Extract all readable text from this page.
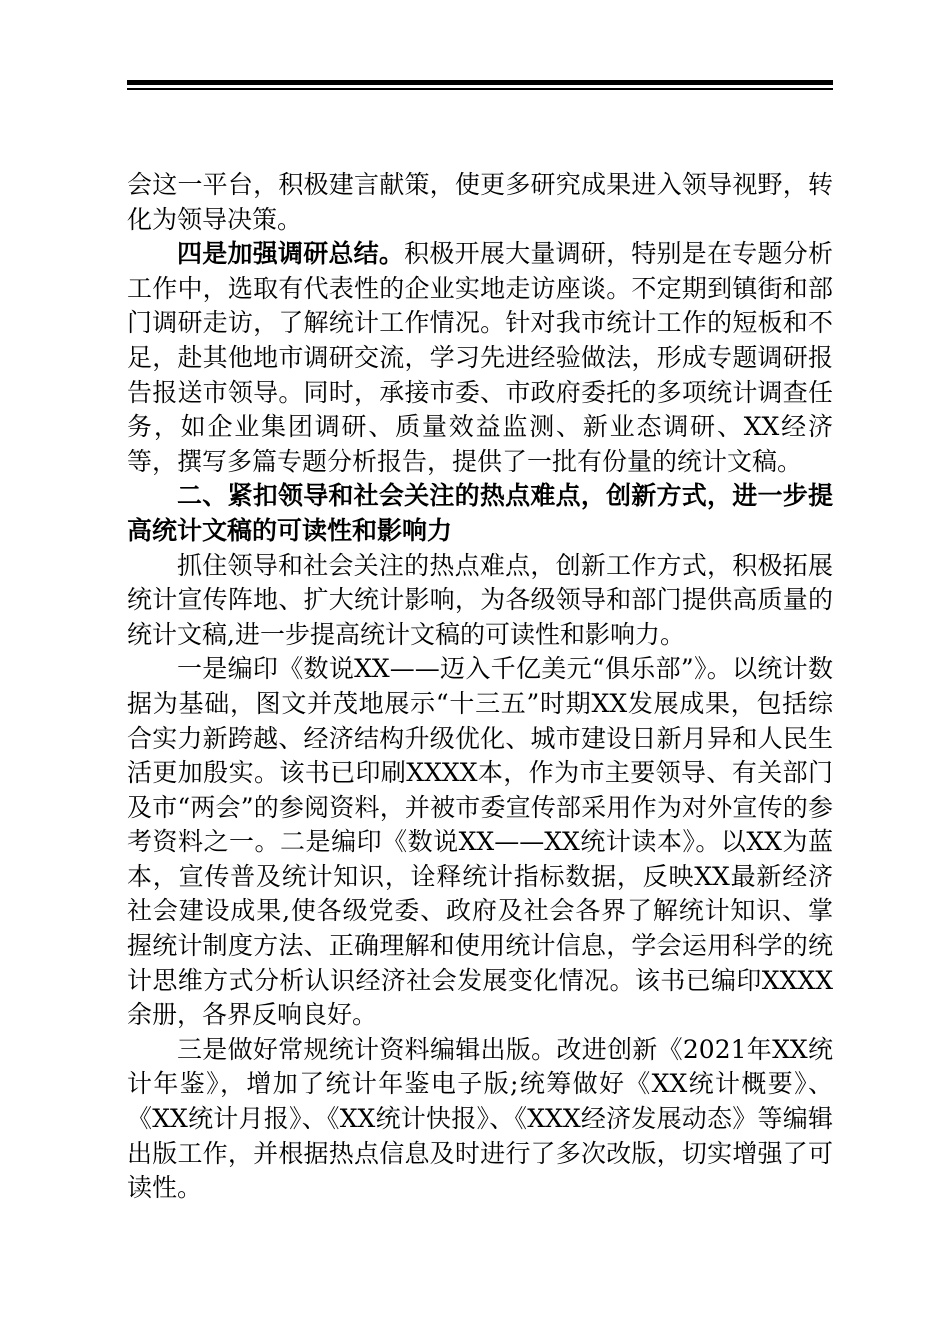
会这一平台，积极建言献策，使更多研究成果进入领导视野，转化为领导决策。

四是加强调研总结。积极开展大量调研，特别是在专题分析工作中，选取有代表性的企业实地走访座谈。不定期到镇街和部门调研走访，了解统计工作情况。针对我市统计工作的短板和不足，赴其他地市调研交流，学习先进经验做法，形成专题调研报告报送市领导。同时，承接市委、市政府委托的多项统计调查任务，如企业集团调研、质量效益监测、新业态调研、XX经济等，撰写多篇专题分析报告，提供了一批有份量的统计文稿。

二、紧扣领导和社会关注的热点难点，创新方式，进一步提高统计文稿的可读性和影响力

抓住领导和社会关注的热点难点，创新工作方式，积极拓展统计宣传阵地、扩大统计影响，为各级领导和部门提供高质量的统计文稿,进一步提高统计文稿的可读性和影响力。

一是编印《数说XX——迈入千亿美元“俱乐部”》。以统计数据为基础，图文并茂地展示“十三五”时期XX发展成果，包括综合实力新跨越、经济结构升级优化、城市建设日新月异和人民生活更加殷实。该书已印刷XXXX本，作为市主要领导、有关部门及市“两会”的参阅资料，并被市委宣传部采用作为对外宣传的参考资料之一。二是编印《数说XX——XX统计读本》。以XX为蓝本，宣传普及统计知识，诠释统计指标数据，反映XX最新经济社会建设成果,使各级党委、政府及社会各界了解统计知识、掌握统计制度方法、正确理解和使用统计信息，学会运用科学的统计思维方式分析认识经济社会发展变化情况。该书已编印XXXX余册，各界反响良好。

三是做好常规统计资料编辑出版。改进创新《2021年XX统计年鉴》，增加了统计年鉴电子版;统筹做好《XX统计概要》、《XX统计月报》、《XX统计快报》、《XXX经济发展动态》等编辑出版工作，并根据热点信息及时进行了多次改版，切实增强了可读性。
